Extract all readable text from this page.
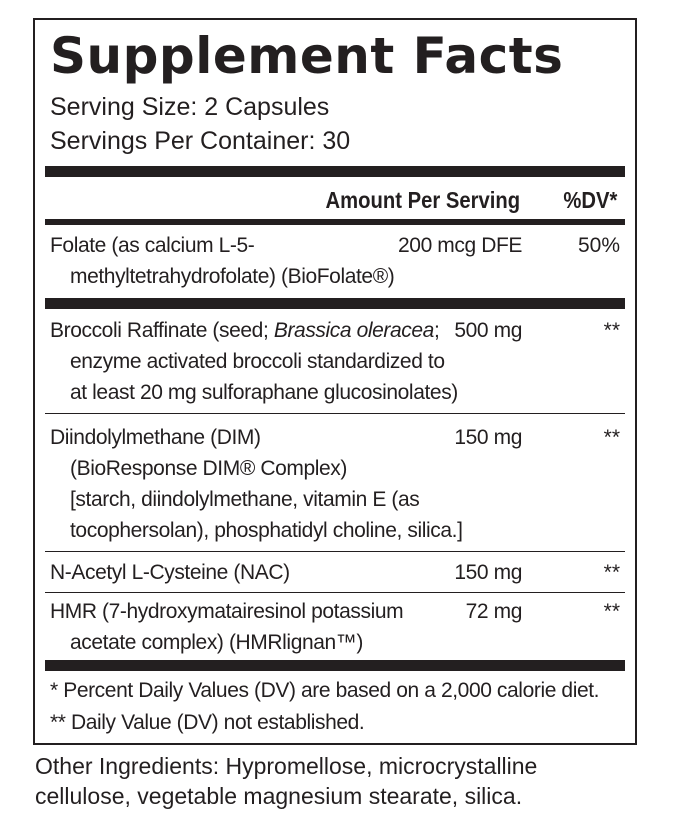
Supplement Facts
Serving Size: 2 Capsules
Servings Per Container: 30
Amount Per Serving %DV*
Folate (as calcium L-5-
methyltetrahydrofolate) (BioFolate®)
200 mcg DFE	50%
Broccoli Raffinate (seed; Brassica oleracea;
enzyme activated broccoli standardized to
at least 20 mg sulforaphane glucosinolates)
500 mg	**
Diindolylmethane (DIM)
(BioResponse DIM® Complex)
[starch, diindolylmethane, vitamin E (as
tocophersolan), phosphatidyl choline, silica.]
150 mg	**
N-Acetyl L-Cysteine (NAC)	150 mg	**
HMR (7-hydroxymatairesinol potassium
acetate complex) (HMRlignan™)
72 mg	**
* Percent Daily Values (DV) are based on a 2,000 calorie diet.
** Daily Value (DV) not established.
Other Ingredients: Hypromellose, microcrystalline
cellulose, vegetable magnesium stearate, silica.
